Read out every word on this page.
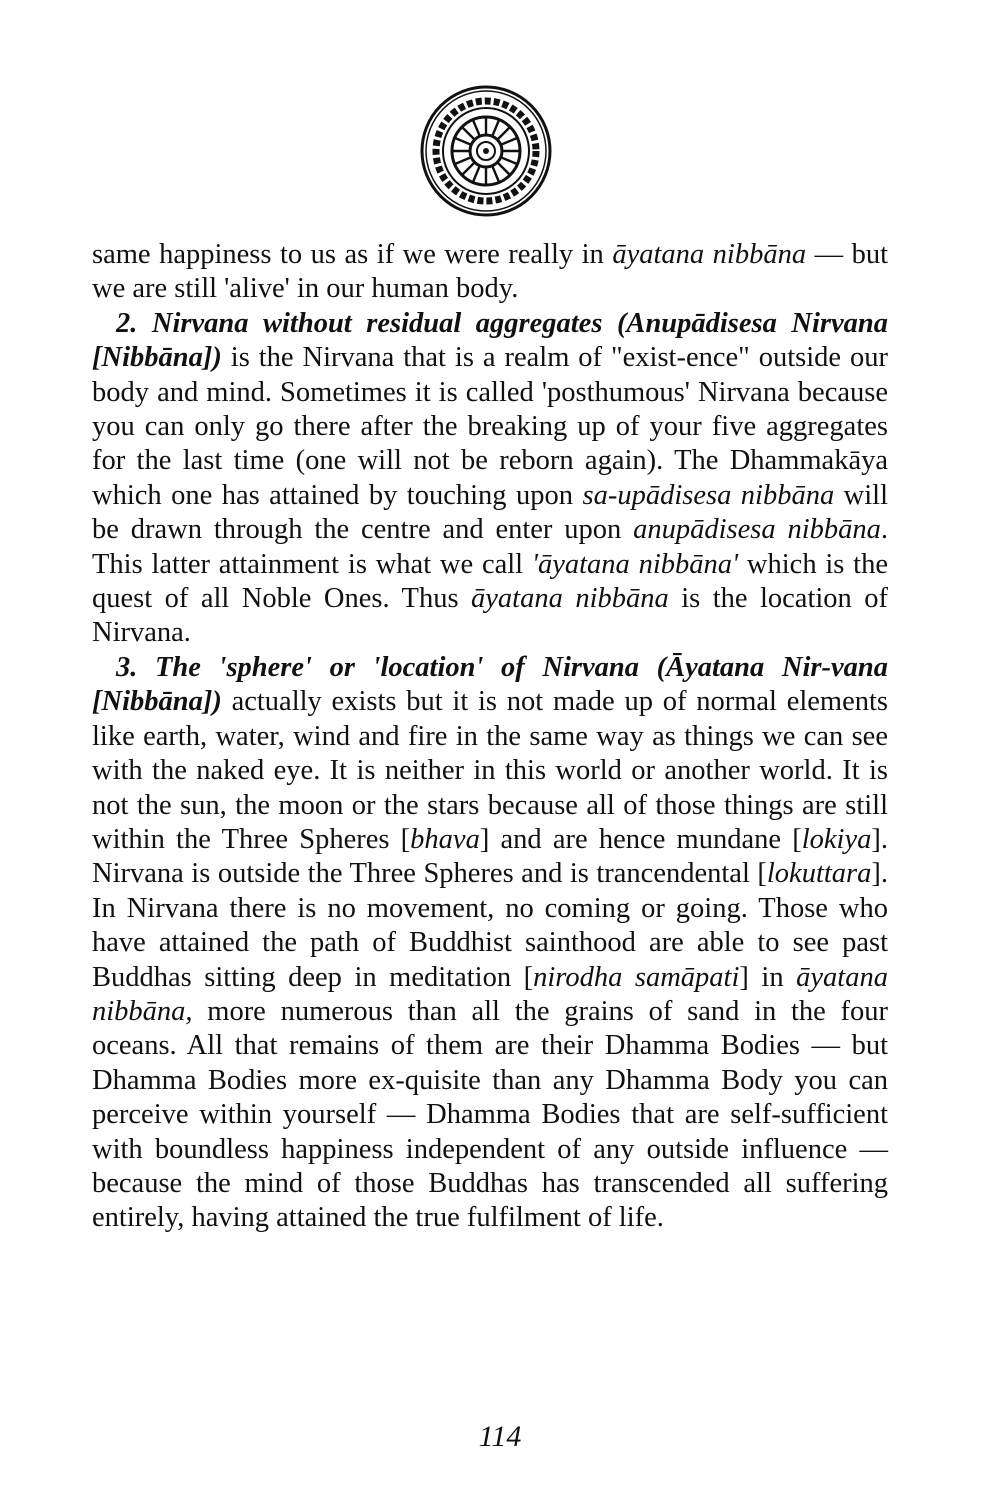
same happiness to us as if we were really in āyatana nibbāna — but we are still 'alive' in our human body.

2. Nirvana without residual aggregates (Anupādisesa Nirvana [Nibbāna]) is the Nirvana that is a realm of "exist-ence" outside our body and mind. Sometimes it is called 'posthumous' Nirvana because you can only go there after the breaking up of your five aggregates for the last time (one will not be reborn again). The Dhammakāya which one has attained by touching upon sa-upādisesa nibbāna will be drawn through the centre and enter upon anupādisesa nibbāna. This latter attainment is what we call 'āyatana nibbāna' which is the quest of all Noble Ones. Thus āyatana nibbāna is the location of Nirvana.

3. The 'sphere' or 'location' of Nirvana (Āyatana Nir-vana [Nibbāna]) actually exists but it is not made up of normal elements like earth, water, wind and fire in the same way as things we can see with the naked eye. It is neither in this world or another world. It is not the sun, the moon or the stars because all of those things are still within the Three Spheres [bhava] and are hence mundane [lokiya]. Nirvana is outside the Three Spheres and is trancendental [lokuttara]. In Nirvana there is no movement, no coming or going. Those who have attained the path of Buddhist sainthood are able to see past Buddhas sitting deep in meditation [nirodha samāpati] in āyatana nibbāna, more numerous than all the grains of sand in the four oceans. All that remains of them are their Dhamma Bodies — but Dhamma Bodies more ex-quisite than any Dhamma Body you can perceive within yourself — Dhamma Bodies that are self-sufficient with boundless happiness independent of any outside influence — because the mind of those Buddhas has transcended all suffering entirely, having attained the true fulfilment of life.

114
